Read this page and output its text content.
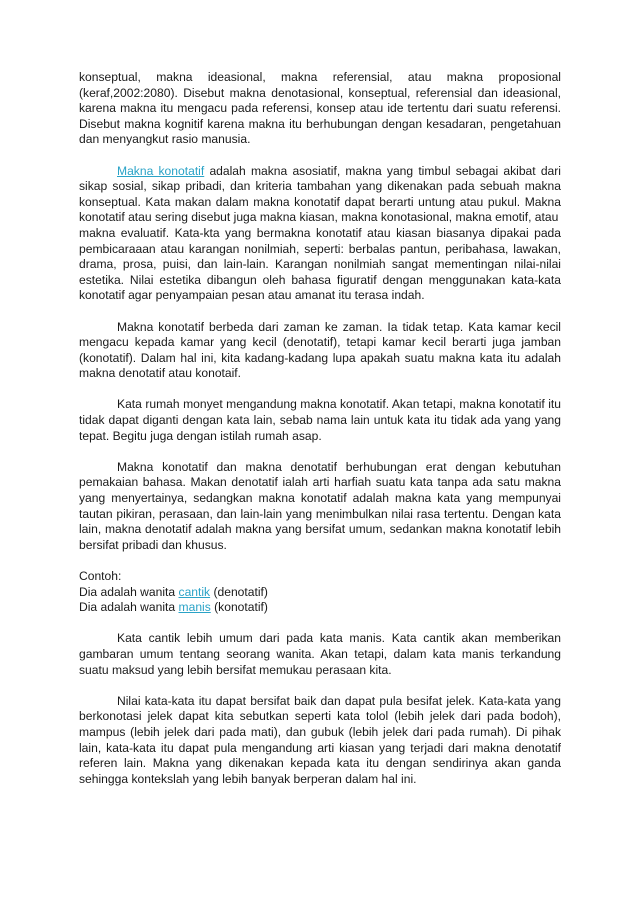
konseptual, makna ideasional, makna referensial, atau makna proposional (keraf,2002:2080). Disebut makna denotasional, konseptual, referensial dan ideasional, karena makna itu mengacu pada referensi, konsep atau ide tertentu dari suatu referensi. Disebut makna kognitif karena makna itu berhubungan dengan kesadaran, pengetahuan dan menyangkut rasio manusia.

Makna konotatif adalah makna asosiatif, makna yang timbul sebagai akibat dari sikap sosial, sikap pribadi, dan kriteria tambahan yang dikenakan pada sebuah makna konseptual. Kata makan dalam makna konotatif dapat berarti untung atau pukul. Makna konotatif atau sering disebut juga makna kiasan, makna konotasional, makna emotif, atau

makna evaluatif. Kata-kta yang bermakna konotatif atau kiasan biasanya dipakai pada pembicaraaan atau karangan nonilmiah, seperti: berbalas pantun, peribahasa, lawakan, drama, prosa, puisi, dan lain-lain. Karangan nonilmiah sangat mementingan nilai-nilai estetika. Nilai estetika dibangun oleh bahasa figuratif dengan menggunakan kata-kata konotatif agar penyampaian pesan atau amanat itu terasa indah.

Makna konotatif berbeda dari zaman ke zaman. Ia tidak tetap. Kata kamar kecil mengacu kepada kamar yang kecil (denotatif), tetapi kamar kecil berarti juga jamban (konotatif). Dalam hal ini, kita kadang-kadang lupa apakah suatu makna kata itu adalah makna denotatif atau konotaif.

Kata rumah monyet mengandung makna konotatif. Akan tetapi, makna konotatif itu tidak dapat diganti dengan kata lain, sebab nama lain untuk kata itu tidak ada yang yang tepat. Begitu juga dengan istilah rumah asap.

Makna konotatif dan makna denotatif berhubungan erat dengan kebutuhan pemakaian bahasa. Makan denotatif ialah arti harfiah suatu kata tanpa ada satu makna yang menyertainya, sedangkan makna konotatif adalah makna kata yang mempunyai tautan pikiran, perasaan, dan lain-lain yang menimbulkan nilai rasa tertentu. Dengan kata lain, makna denotatif adalah makna yang bersifat umum, sedankan makna konotatif lebih bersifat pribadi dan khusus.

Contoh:

Dia adalah wanita cantik (denotatif)

Dia adalah wanita manis (konotatif)

Kata cantik lebih umum dari pada kata manis. Kata cantik akan memberikan gambaran umum tentang seorang wanita. Akan tetapi, dalam kata manis terkandung suatu maksud yang lebih bersifat memukau perasaan kita.

Nilai kata-kata itu dapat bersifat baik dan dapat pula besifat jelek. Kata-kata yang berkonotasi jelek dapat kita sebutkan seperti kata tolol (lebih jelek dari pada bodoh), mampus (lebih jelek dari pada mati), dan gubuk (lebih jelek dari pada rumah). Di pihak lain, kata-kata itu dapat pula mengandung arti kiasan yang terjadi dari makna denotatif referen lain. Makna yang dikenakan kepada kata itu dengan sendirinya akan ganda sehingga kontekslah yang lebih banyak berperan dalam hal ini.
